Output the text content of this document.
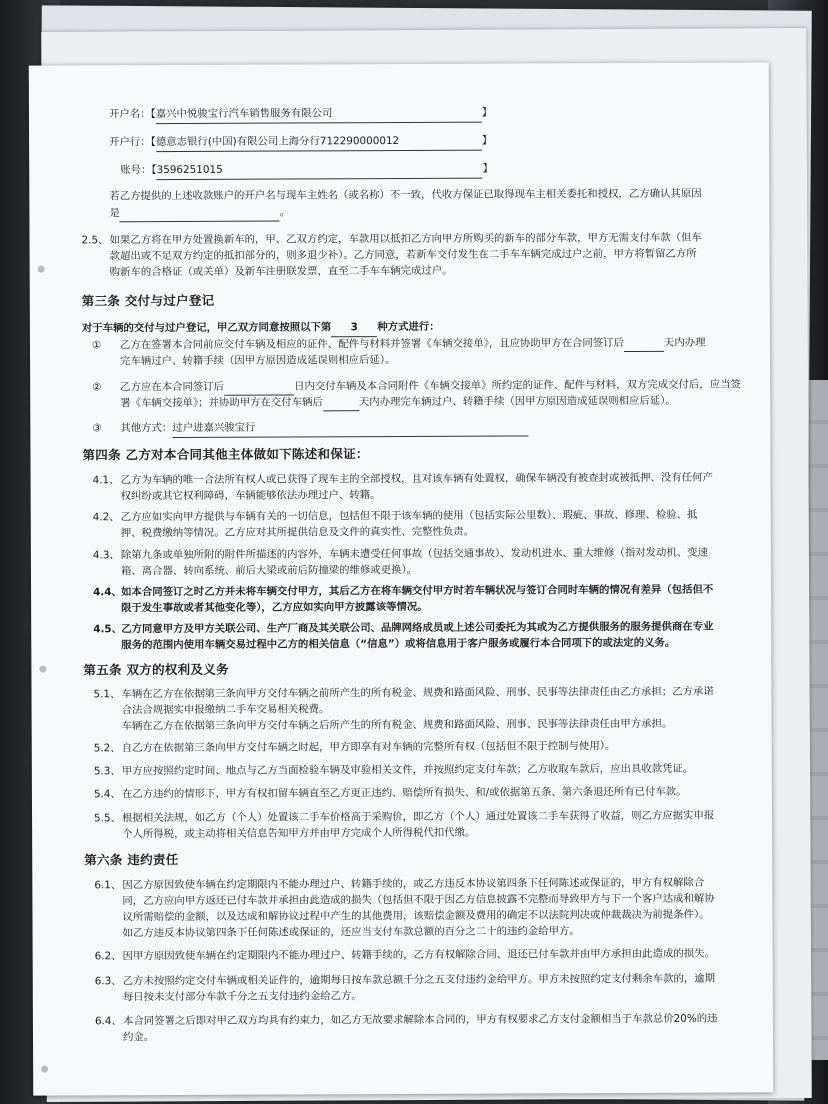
开户名：【嘉兴中悦骏宝行汽车销售服务有限公司	】
开户行：【德意志银行(中国)有限公司上海分行712290000012	】
账号：【3596251015	】
若乙方提供的上述收款账户的开户名与现车主姓名（或名称）不一致，代收方保证已取得现车主相关委托和授权，乙方确认其原因
是	。
2.5、如果乙方将在甲方处置换新车的，甲、乙双方约定，车款用以抵扣乙方向甲方所购买的新车的部分车款，甲方无需支付车款（但车
款超出或不足双方约定的抵扣部分的，则多退少补）。乙方同意，若新车交付发生在二手车车辆完成过户之前，甲方将暂留乙方所
购新车的合格证（或关单）及新车注册联发票，直至二手车车辆完成过户。
第三条 交付与过户登记
对于车辆的交付与过户登记，甲乙双方同意按照以下第 3 种方式进行：
① 乙方在签署本合同前应交付车辆及相应的证件、配件与材料并签署《车辆交接单》，且应协助甲方在合同签订后	天内办理
完车辆过户、转籍手续（因甲方原因造成延误则相应后延）。
② 乙方应在本合同签订后	日内交付车辆及本合同附件《车辆交接单》所约定的证件、配件与材料，双方完成交付后，应当签
署《车辆交接单》；并协助甲方在交付车辆后	天内办理完车辆过户、转籍手续（因甲方原因造成延误则相应后延）。
③ 其他方式：过户进嘉兴骏宝行
第四条 乙方对本合同其他主体做如下陈述和保证：
4.1、乙方为车辆的唯一合法所有权人或已获得了现车主的全部授权，且对该车辆有处置权，确保车辆没有被查封或被抵押、没有任何产
权纠纷或其它权利障碍，车辆能够依法办理过户、转籍。
4.2、乙方应如实向甲方提供与车辆有关的一切信息，包括但不限于该车辆的使用（包括实际公里数）、瑕疵、事故、修理、检验、抵
押、税费缴纳等情况。乙方应对其所提供信息及文件的真实性、完整性负责。
4.3、除第九条或单独所附的附件所描述的内容外，车辆未遭受任何事故（包括交通事故）、发动机进水、重大维修（指对发动机、变速
箱、离合器、转向系统、前后大梁或前后防撞梁的维修或更换）。
4.4、如本合同签订之时乙方并未将车辆交付甲方，其后乙方在将车辆交付甲方时若车辆状况与签订合同时车辆的情况有差异（包括但不
限于发生事故或者其他变化等），乙方应如实向甲方披露该等情况。
4.5、乙方同意甲方及甲方关联公司、生产厂商及其关联公司、品牌网络成员或上述公司委托为其或为乙方提供服务的服务提供商在专业
服务的范围内使用车辆交易过程中乙方的相关信息（“信息”）或将信息用于客户服务或履行本合同项下的或法定的义务。
第五条 双方的权利及义务
5.1、车辆在乙方在依据第三条向甲方交付车辆之前所产生的所有税金、规费和路面风险、刑事、民事等法律责任由乙方承担；乙方承诺
合法合规据实申报缴纳二手车交易相关税费。
车辆在乙方在依据第三条向甲方交付车辆之后所产生的所有税金、规费和路面风险、刑事、民事等法律责任由甲方承担。
5.2、自乙方在依据第三条向甲方交付车辆之时起，甲方即享有对车辆的完整所有权（包括但不限于控制与使用）。
5.3、甲方应按照约定时间、地点与乙方当面检验车辆及审验相关文件，并按照约定支付车款；乙方收取车款后，应出具收款凭证。
5.4、在乙方违约的情形下，甲方有权扣留车辆直至乙方更正违约、赔偿所有损失、和/或依据第五条、第六条退还所有已付车款。
5.5、根据相关法规，如乙方（个人）处置该二手车价格高于采购价，即乙方（个人）通过处置该二手车获得了收益，则乙方应据实申报
个人所得税，或主动将相关信息告知甲方并由甲方完成个人所得税代扣代缴。
第六条 违约责任
6.1、因乙方原因致使车辆在约定期限内不能办理过户、转籍手续的，或乙方违反本协议第四条下任何陈述或保证的，甲方有权解除合
同，乙方应向甲方返还已付车款并承担由此造成的损失（包括但不限于因乙方信息披露不完整而导致甲方与下一个客户达成和解协
议所需赔偿的金额，以及达成和解协议过程中产生的其他费用，该赔偿金额及费用的确定不以法院判决或仲裁裁决为前提条件）。
如乙方违反本协议第四条下任何陈述或保证的，还应当支付车款总额的百分之二十的违约金给甲方。
6.2、因甲方原因致使车辆在约定期限内不能办理过户、转籍手续的，乙方有权解除合同、退还已付车款并由甲方承担由此造成的损失。
6.3、乙方未按照约定交付车辆或相关证件的，逾期每日按车款总额千分之五支付违约金给甲方。甲方未按照约定支付剩余车款的，逾期
每日按未支付部分车款千分之五支付违约金给乙方。
6.4、本合同签署之后即对甲乙双方均具有约束力，如乙方无故要求解除本合同的，甲方有权要求乙方支付金额相当于车款总价20%的违
约金。
